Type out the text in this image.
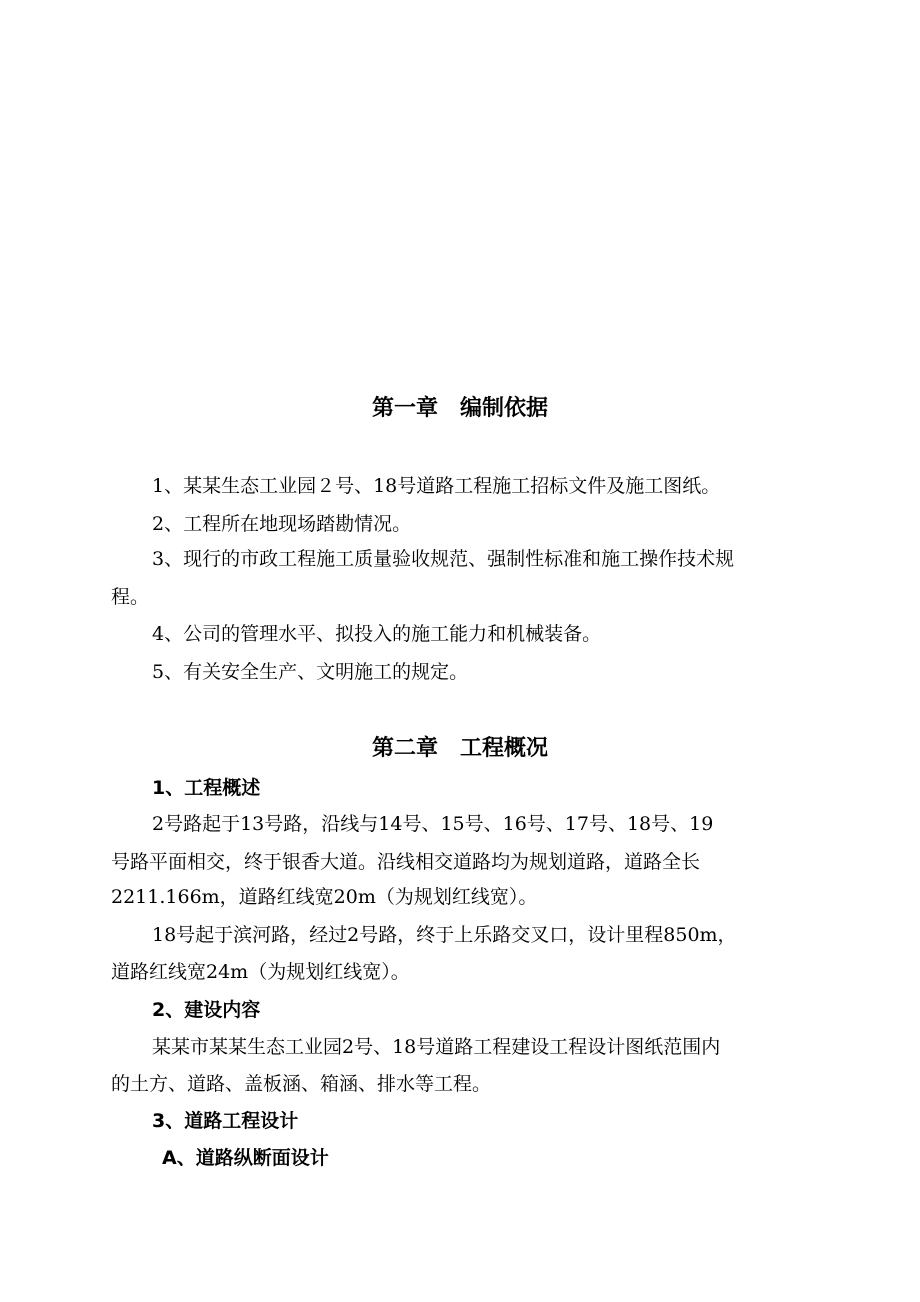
第一章　编制依据
1、某某生态工业园２号、18号道路工程施工招标文件及施工图纸。
2、工程所在地现场踏勘情况。
3、现行的市政工程施工质量验收规范、强制性标准和施工操作技术规
程。
4、公司的管理水平、拟投入的施工能力和机械装备。
5、有关安全生产、文明施工的规定。
第二章　工程概况
1、工程概述
2号路起于13号路，沿线与14号、15号、16号、17号、18号、19
号路平面相交，终于银香大道。沿线相交道路均为规划道路，道路全长
2211.166m，道路红线宽20m（为规划红线宽）。
18号起于滨河路，经过2号路，终于上乐路交叉口，设计里程850m，
道路红线宽24m（为规划红线宽）。
2、建设内容
某某市某某生态工业园2号、18号道路工程建设工程设计图纸范围内
的土方、道路、盖板涵、箱涵、排水等工程。
3、道路工程设计
A、道路纵断面设计
